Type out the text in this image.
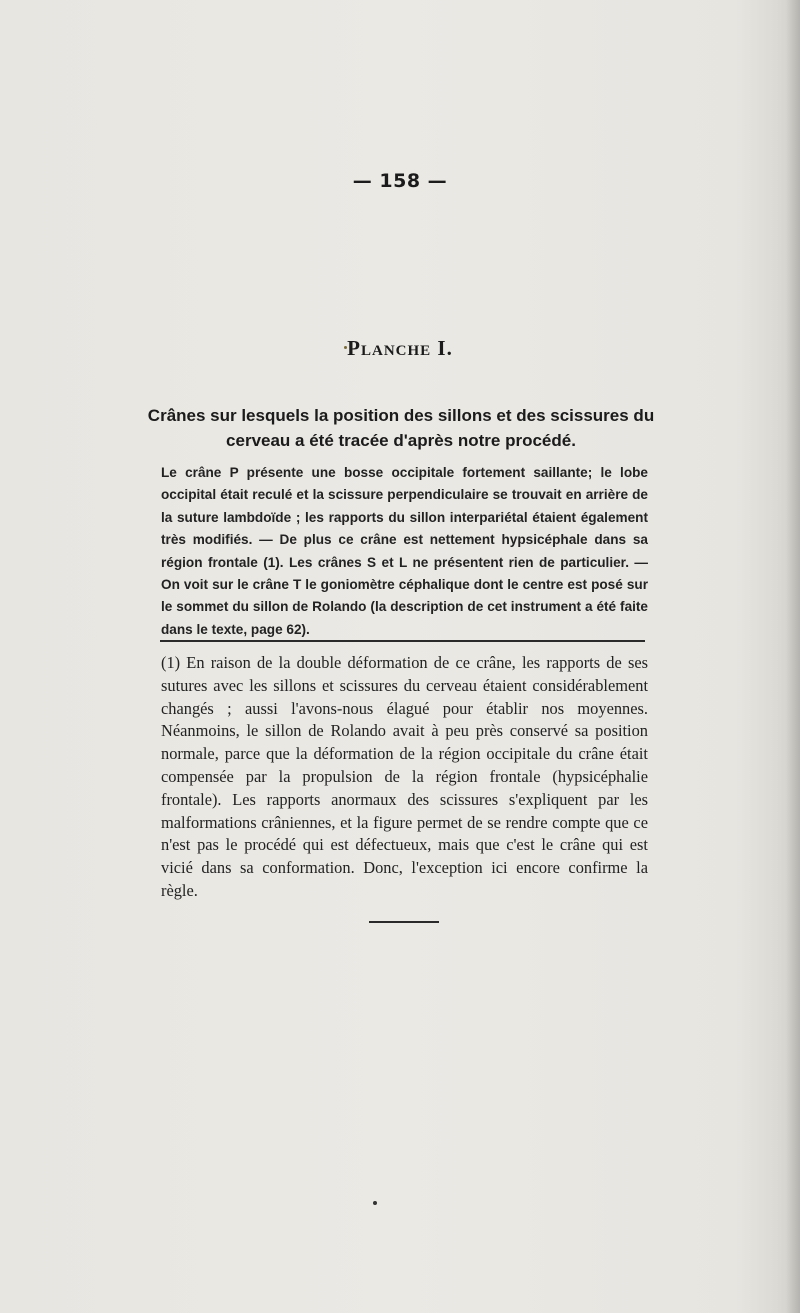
— 158 —
Planche I.
Crânes sur lesquels la position des sillons et des scissures du cerveau a été tracée d'après notre procédé.
Le crâne P présente une bosse occipitale fortement saillante; le lobe occipital était reculé et la scissure perpendiculaire se trouvait en arrière de la suture lambdoïde ; les rapports du sillon interpariétal étaient également très modifiés. — De plus ce crâne est nettement hypsicéphale dans sa région frontale (1). Les crânes S et L ne présentent rien de particulier. — On voit sur le crâne T le goniomètre céphalique dont le centre est posé sur le sommet du sillon de Rolando (la description de cet instrument a été faite dans le texte, page 62).
(1) En raison de la double déformation de ce crâne, les rapports de ses sutures avec les sillons et scissures du cerveau étaient considérablement changés ; aussi l'avons-nous élagué pour établir nos moyennes. Néanmoins, le sillon de Rolando avait à peu près conservé sa position normale, parce que la déformation de la région occipitale du crâne était compensée par la propulsion de la région frontale (hypsicéphalie frontale). Les rapports anormaux des scissures s'expliquent par les malformations crâniennes, et la figure permet de se rendre compte que ce n'est pas le procédé qui est défectueux, mais que c'est le crâne qui est vicié dans sa conformation. Donc, l'exception ici encore confirme la règle.
